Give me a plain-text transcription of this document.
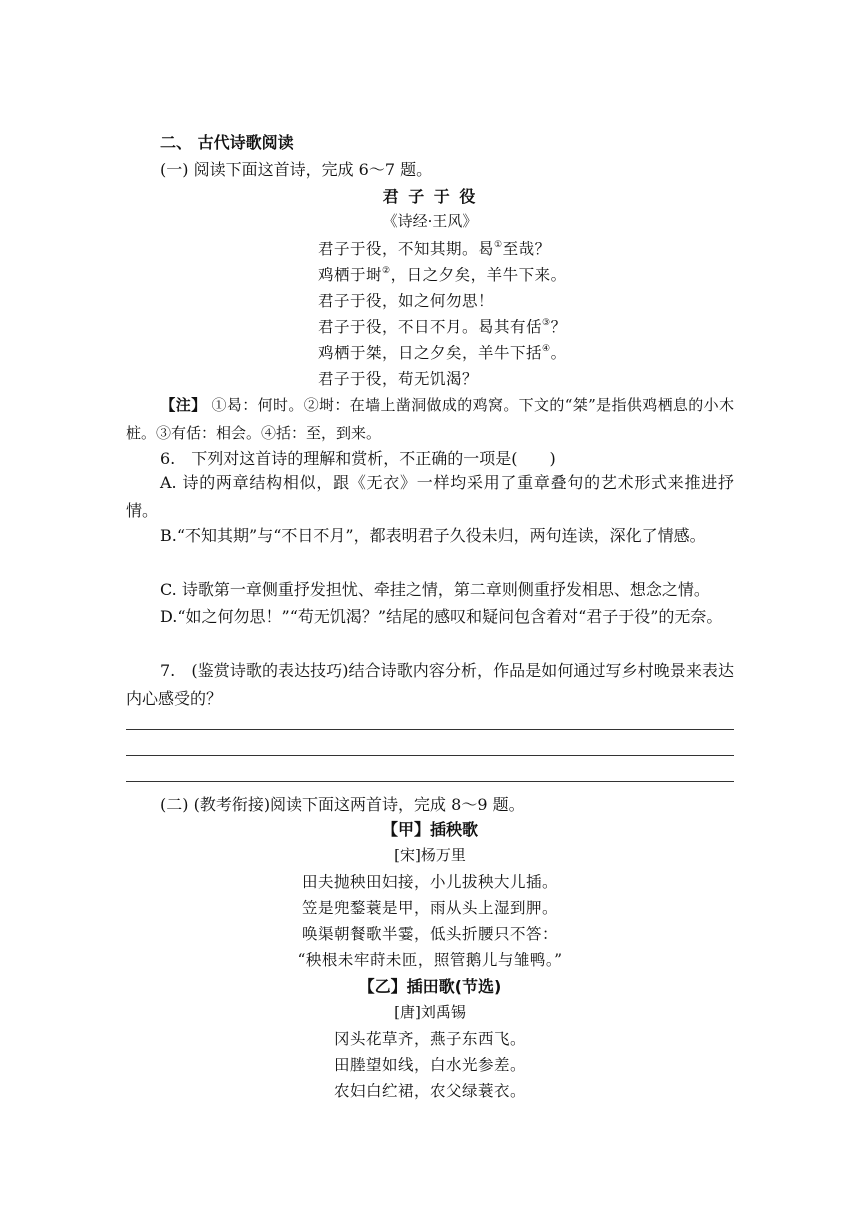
二、 古代诗歌阅读
(一) 阅读下面这首诗，完成 6～7 题。
君 子 于 役
《诗经·王风》
君子于役，不知其期。曷①至哉？
鸡栖于埘②，日之夕矣，羊牛下来。
君子于役，如之何勿思！
君子于役，不日不月。曷其有佸③？
鸡栖于桀，日之夕矣，羊牛下括④。
君子于役，苟无饥渴？
【注】 ①曷：何时。②埘：在墙上凿洞做成的鸡窝。下文的“桀”是指供鸡栖息的小木桩。③有佸：相会。④括：至，到来。
6.　下列对这首诗的理解和赏析，不正确的一项是(　　)
A. 诗的两章结构相似，跟《无衣》一样均采用了重章叠句的艺术形式来推进抒情。
B.“不知其期”与“不日不月”，都表明君子久役未归，两句连读，深化了情感。
C. 诗歌第一章侧重抒发担忧、牵挂之情，第二章则侧重抒发相思、想念之情。
D.“如之何勿思！”“苟无饥渴？”结尾的感叹和疑问包含着对“君子于役”的无奈。
7.　(鉴赏诗歌的表达技巧)结合诗歌内容分析，作品是如何通过写乡村晚景来表达内心感受的？
(二) (教考衔接)阅读下面这两首诗，完成 8～9 题。
【甲】插秧歌
[宋]杨万里
田夫抛秧田妇接，小儿拔秧大儿插。
笠是兜鍪蓑是甲，雨从头上湿到胛。
唤渠朝餐歌半霎，低头折腰只不答：
“秧根未牢莳未匝，照管鹅儿与雏鸭。”
【乙】插田歌(节选)
[唐]刘禹锡
冈头花草齐，燕子东西飞。
田塍望如线，白水光参差。
农妇白纻裙，农父绿蓑衣。
